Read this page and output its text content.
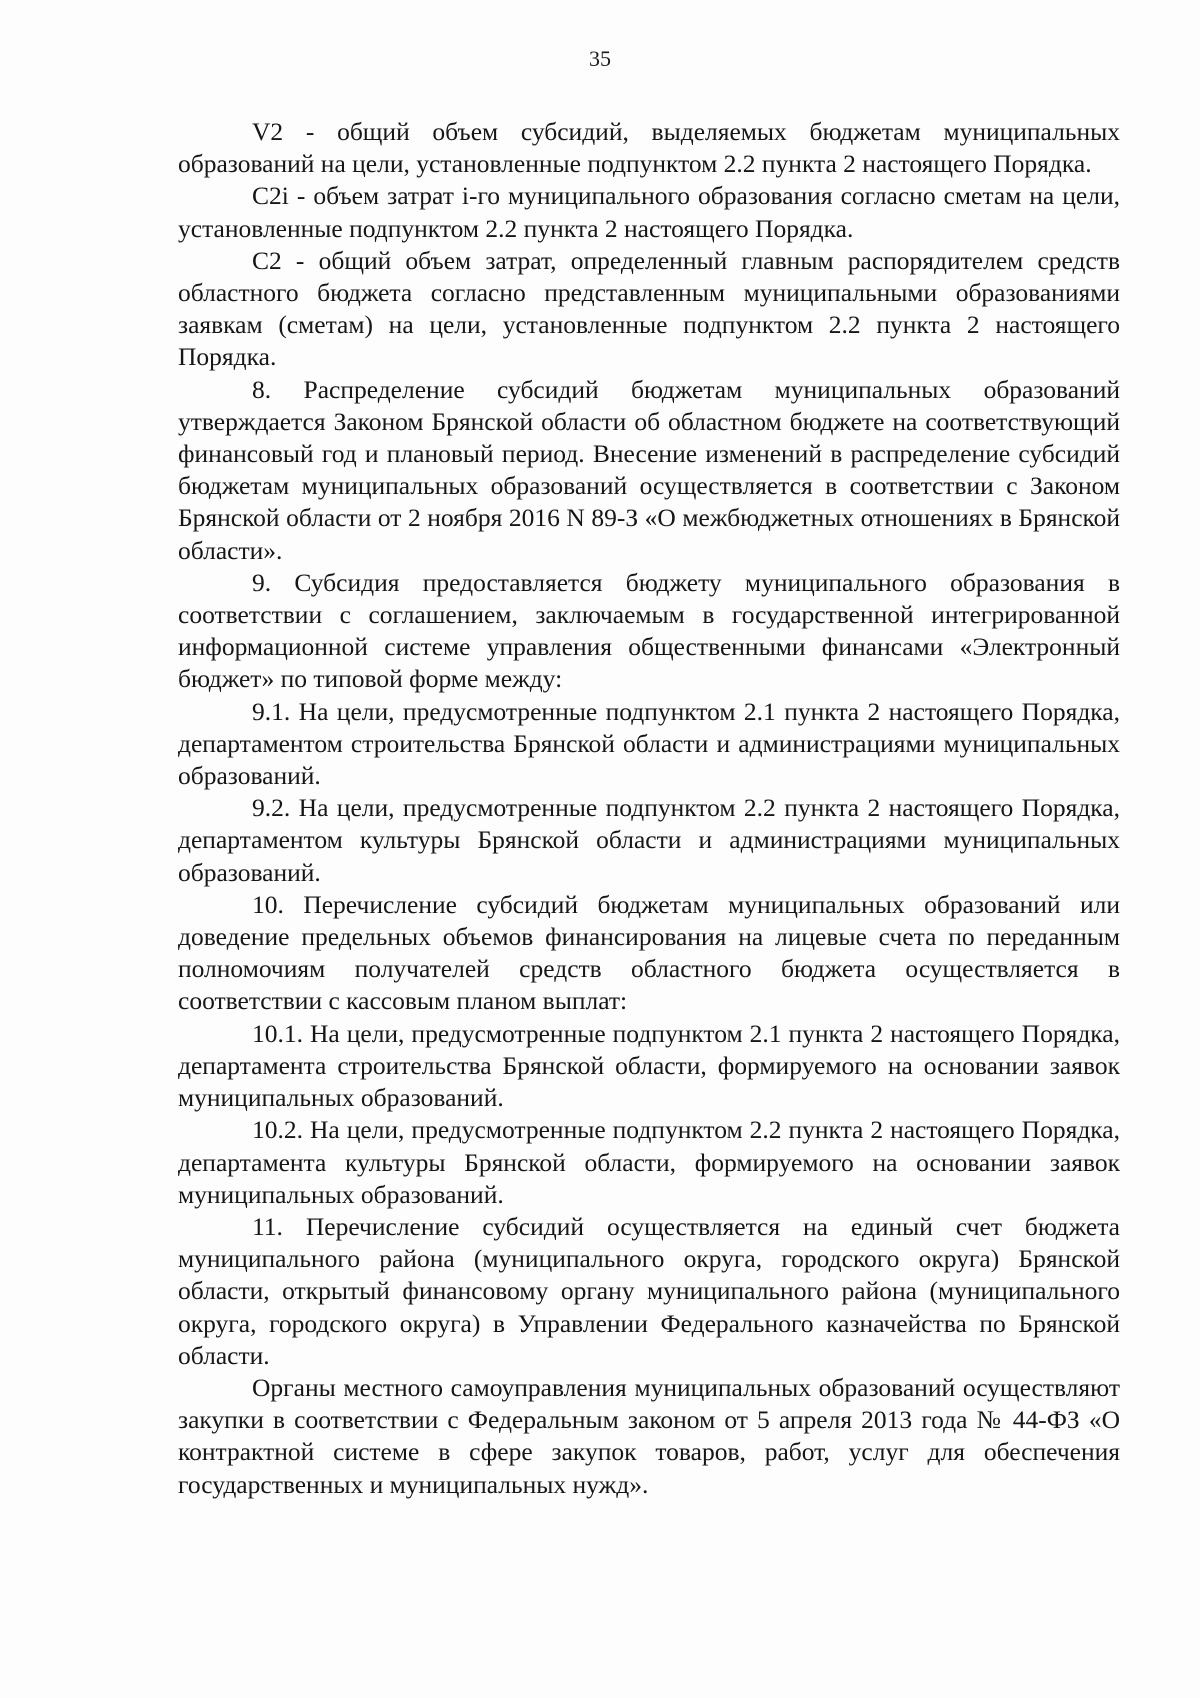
35

V2 - общий объем субсидий, выделяемых бюджетам муниципальных образований на цели, установленные подпунктом 2.2 пункта 2 настоящего Порядка.

С2i - объем затрат i-го муниципального образования согласно сметам на цели, установленные подпунктом 2.2 пункта 2 настоящего Порядка.

С2 - общий объем затрат, определенный главным распорядителем средств областного бюджета согласно представленным муниципальными образованиями заявкам (сметам) на цели, установленные подпунктом 2.2 пункта 2 настоящего Порядка.

8. Распределение субсидий бюджетам муниципальных образований утверждается Законом Брянской области об областном бюджете на соответствующий финансовый год и плановый период. Внесение изменений в распределение субсидий бюджетам муниципальных образований осуществляется в соответствии с Законом Брянской области от 2 ноября 2016 N 89-З «О межбюджетных отношениях в Брянской области».

9. Субсидия предоставляется бюджету муниципального образования в соответствии с соглашением, заключаемым в государственной интегрированной информационной системе управления общественными финансами «Электронный бюджет» по типовой форме между:

9.1. На цели, предусмотренные подпунктом 2.1 пункта 2 настоящего Порядка, департаментом строительства Брянской области и администрациями муниципальных образований.

9.2. На цели, предусмотренные подпунктом 2.2 пункта 2 настоящего Порядка, департаментом культуры Брянской области и администрациями муниципальных образований.

10. Перечисление субсидий бюджетам муниципальных образований или доведение предельных объемов финансирования на лицевые счета по переданным полномочиям получателей средств областного бюджета осуществляется в соответствии с кассовым планом выплат:

10.1. На цели, предусмотренные подпунктом 2.1 пункта 2 настоящего Порядка, департамента строительства Брянской области, формируемого на основании заявок муниципальных образований.

10.2. На цели, предусмотренные подпунктом 2.2 пункта 2 настоящего Порядка, департамента культуры Брянской области, формируемого на основании заявок муниципальных образований.

11. Перечисление субсидий осуществляется на единый счет бюджета муниципального района (муниципального округа, городского округа) Брянской области, открытый финансовому органу муниципального района (муниципального округа, городского округа) в Управлении Федерального казначейства по Брянской области.

Органы местного самоуправления муниципальных образований осуществляют закупки в соответствии с Федеральным законом от 5 апреля 2013 года № 44-ФЗ «О контрактной системе в сфере закупок товаров, работ, услуг для обеспечения государственных и муниципальных нужд».
